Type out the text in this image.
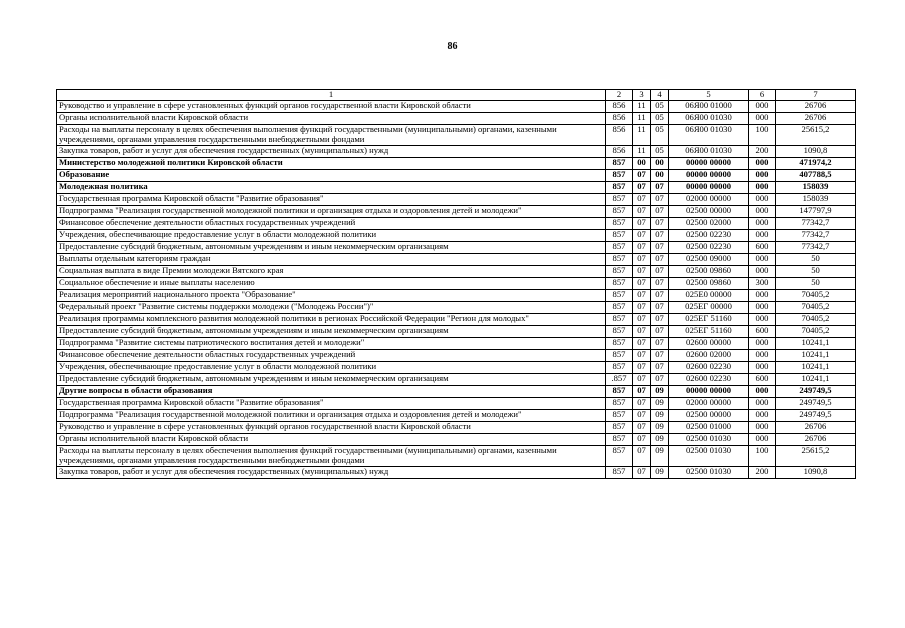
86
1	2	3	4	5	6	7
Руководство и управление в сфере установленных функций органов государственной власти Кировской области	856	11	05	06Я00 01000	000	26706
Органы исполнительной власти Кировской области	856	11	05	06Я00 01030	000	26706
Расходы на выплаты персоналу в целях обеспечения выполнения функций государственными (муниципальными) органами, казенными учреждениями, органами управления государственными внебюджетными фондами	856	11	05	06Я00 01030	100	25615,2
Закупка товаров, работ и услуг для обеспечения государственных (муниципальных) нужд	856	11	05	06Я00 01030	200	1090,8
Министерство молодежной политики Кировской области	857	00	00	00000 00000	000	471974,2
Образование	857	07	00	00000 00000	000	407788,5
Молодежная политика	857	07	07	00000 00000	000	158039
Государственная программа Кировской области "Развитие образования"	857	07	07	02000 00000	000	158039
Подпрограмма "Реализация государственной молодежной политики и организация отдыха и оздоровления детей и молодежи"	857	07	07	02500 00000	000	147797,9
Финансовое обеспечение деятельности областных государственных учреждений	857	07	07	02500 02000	000	77342,7
Учреждения, обеспечивающие предоставление услуг в области молодежной политики	857	07	07	02500 02230	000	77342,7
Предоставление субсидий бюджетным, автономным учреждениям и иным некоммерческим организациям	857	07	07	02500 02230	600	77342,7
Выплаты отдельным категориям граждан	857	07	07	02500 09000	000	50
Социальная выплата в виде Премии молодежи Вятского края	857	07	07	02500 09860	000	50
Социальное обеспечение и иные выплаты населению	857	07	07	02500 09860	300	50
Реализация мероприятий национального проекта "Образование"	857	07	07	025E0 00000	000	70405,2
Федеральный проект "Развитие системы поддержки молодежи ("Молодежь России")"	857	07	07	025ЕГ 00000	000	70405,2
Реализация программы комплексного развития молодежной политики в регионах Российской Федерации "Регион для молодых"	857	07	07	025ЕГ 51160	000	70405,2
Предоставление субсидий бюджетным, автономным учреждениям и иным некоммерческим организациям	857	07	07	025ЕГ 51160	600	70405,2
Подпрограмма "Развитие системы патриотического воспитания детей и молодежи"	857	07	07	02600 00000	000	10241,1
Финансовое обеспечение деятельности областных государственных учреждений	857	07	07	02600 02000	000	10241,1
Учреждения, обеспечивающие предоставление услуг в области молодежной политики	857	07	07	02600 02230	000	10241,1
Предоставление субсидий бюджетным, автономным учреждениям и иным некоммерческим организациям	.857	07	07	02600 02230	600	10241,1
Другие вопросы в области образования	857	07	09	00000 00000	000	249749,5
Государственная программа Кировской области "Развитие образования"	857	07	09	02000 00000	000	249749,5
Подпрограмма "Реализация государственной молодежной политики и организация отдыха и оздоровления детей и молодежи"	857	07	09	02500 00000	000	249749,5
Руководство и управление в сфере установленных функций органов государственной власти Кировской области	857	07	09	02500 01000	000	26706
Органы исполнительной власти Кировской области	857	07	09	02500 01030	000	26706
Расходы на выплаты персоналу в целях обеспечения выполнения функций государственными (муниципальными) органами, казенными учреждениями, органами управления государственными внебюджетными фондами	857	07	09	02500 01030	100	25615,2
Закупка товаров, работ и услуг для обеспечения государственных (муниципальных) нужд	857	07	09	02500 01030	200	1090,8
